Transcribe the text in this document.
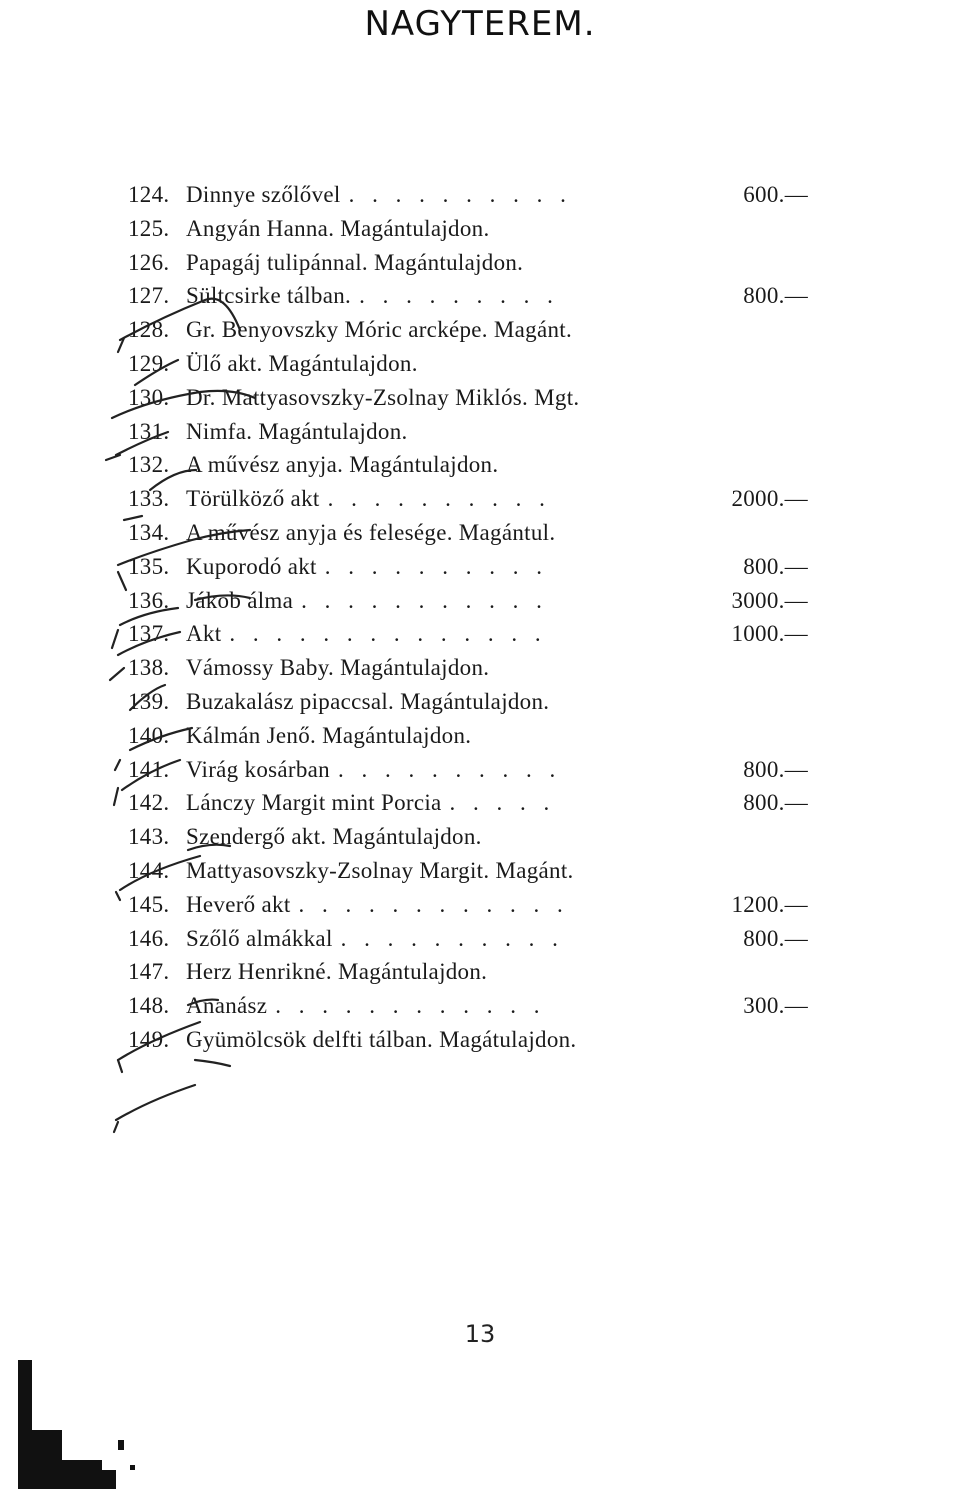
NAGYTEREM.
124. Dinnye szőlővel . . . . . . . . . .	600.—
125. Angyán Hanna. Magántulajdon.
126. Papagáj tulipánnal. Magántulajdon.
127. Sültcsirke tálban. . . . . . . . . .	800.—
128. Gr. Benyovszky Móric arcképe. Magánt.
129. Ülő akt. Magántulajdon.
130. Dr. Mattyasovszky-Zsolnay Miklós. Mgt.
131. Nimfa. Magántulajdon.
132. A művész anyja. Magántulajdon.
133. Törülköző akt . . . . . . . . . .	2000.—
134. A művész anyja és felesége. Magántul.
135. Kuporodó akt . . . . . . . . . .	800.—
136. Jákob álma . . . . . . . . . . .	3000.—
137. Akt . . . . . . . . . . . . . .	1000.—
138. Vámossy Baby. Magántulajdon.
139. Buzakalász pipaccsal. Magántulajdon.
140. Kálmán Jenő. Magántulajdon.
141. Virág kosárban . . . . . . . . . .	800.—
142. Lánczy Margit mint Porcia . . . . .	800.—
143. Szendergő akt. Magántulajdon.
144. Mattyasovszky-Zsolnay Margit. Magánt.
145. Heverő akt . . . . . . . . . . . .	1200.—
146. Szőlő almákkal . . . . . . . . . .	800.—
147. Herz Henrikné. Magántulajdon.
148. Ananász . . . . . . . . . . . .	300.—
149. Gyümölcsök delfti tálban. Magátulajdon.
13
